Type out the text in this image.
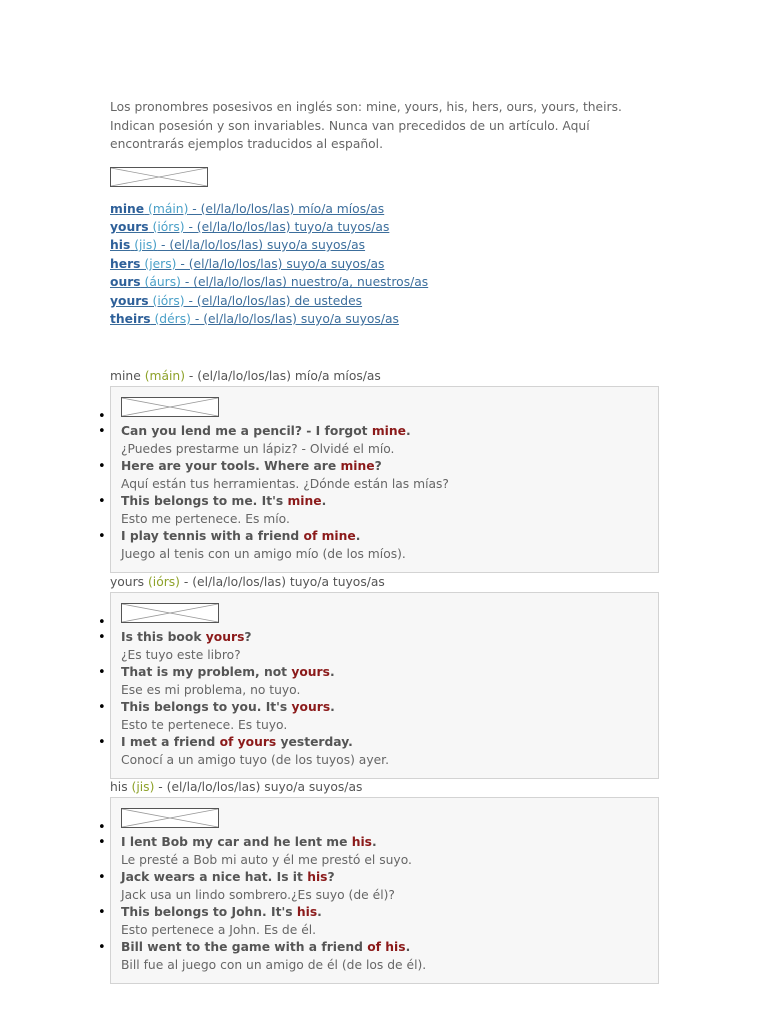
Los pronombres posesivos en inglés son: mine, yours, his, hers, ours, yours, theirs. Indican posesión y son invariables. Nunca van precedidos de un artículo. Aquí encontrarás ejemplos traducidos al español.

mine (máin) - (el/la/lo/los/las) mío/a míos/as
yours (iórs) - (el/la/lo/los/las) tuyo/a tuyos/as
his (jis) - (el/la/lo/los/las) suyo/a suyos/as
hers (jers) - (el/la/lo/los/las) suyo/a suyos/as
ours (áurs) - (el/la/lo/los/las) nuestro/a, nuestros/as
yours (iórs) - (el/la/lo/los/las) de ustedes
theirs (dérs) - (el/la/lo/los/las) suyo/a suyos/as
mine (máin) - (el/la/lo/los/las) mío/a míos/as
•
• Can you lend me a pencil? - I forgot mine.
¿Puedes prestarme un lápiz? - Olvidé el mío.
• Here are your tools. Where are mine?
Aquí están tus herramientas. ¿Dónde están las mías?
• This belongs to me. It's mine.
Esto me pertenece. Es mío.
• I play tennis with a friend of mine.
Juego al tenis con un amigo mío (de los míos).
yours (iórs) - (el/la/lo/los/las) tuyo/a tuyos/as
•
• Is this book yours?
¿Es tuyo este libro?
• That is my problem, not yours.
Ese es mi problema, no tuyo.
• This belongs to you. It's yours.
Esto te pertenece. Es tuyo.
• I met a friend of yours yesterday.
Conocí a un amigo tuyo (de los tuyos) ayer.
his (jis) - (el/la/lo/los/las) suyo/a suyos/as
•
• I lent Bob my car and he lent me his.
Le presté a Bob mi auto y él me prestó el suyo.
• Jack wears a nice hat. Is it his?
Jack usa un lindo sombrero.¿Es suyo (de él)?
• This belongs to John. It's his.
Esto pertenece a John. Es de él.
• Bill went to the game with a friend of his.
Bill fue al juego con un amigo de él (de los de él).
